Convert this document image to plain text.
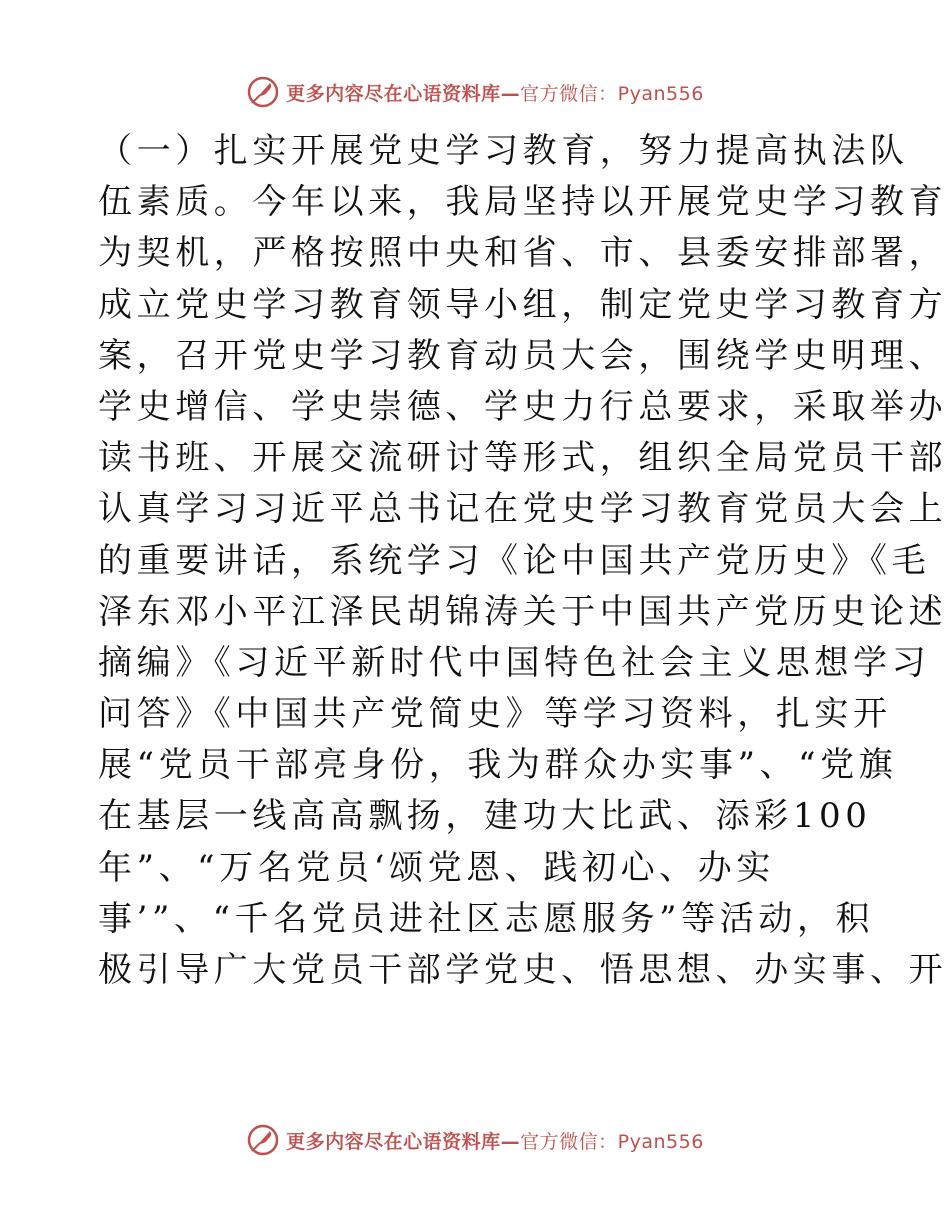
更多内容尽在心语资料库—官方微信：Pyan556
（一）扎实开展党史学习教育，努力提高执法队
伍素质。今年以来，我局坚持以开展党史学习教育
为契机，严格按照中央和省、市、县委安排部署，
成立党史学习教育领导小组，制定党史学习教育方
案，召开党史学习教育动员大会，围绕学史明理、
学史增信、学史崇德、学史力行总要求，采取举办
读书班、开展交流研讨等形式，组织全局党员干部
认真学习习近平总书记在党史学习教育党员大会上
的重要讲话，系统学习《论中国共产党历史》《毛
泽东邓小平江泽民胡锦涛关于中国共产党历史论述
摘编》《习近平新时代中国特色社会主义思想学习
问答》《中国共产党简史》等学习资料，扎实开
展“党员干部亮身份，我为群众办实事”、“党旗
在基层一线高高飘扬，建功大比武、添彩100
年”、“万名党员‘颂党恩、践初心、办实
事’”、“千名党员进社区志愿服务”等活动，积
极引导广大党员干部学党史、悟思想、办实事、开
更多内容尽在心语资料库—官方微信：Pyan556
